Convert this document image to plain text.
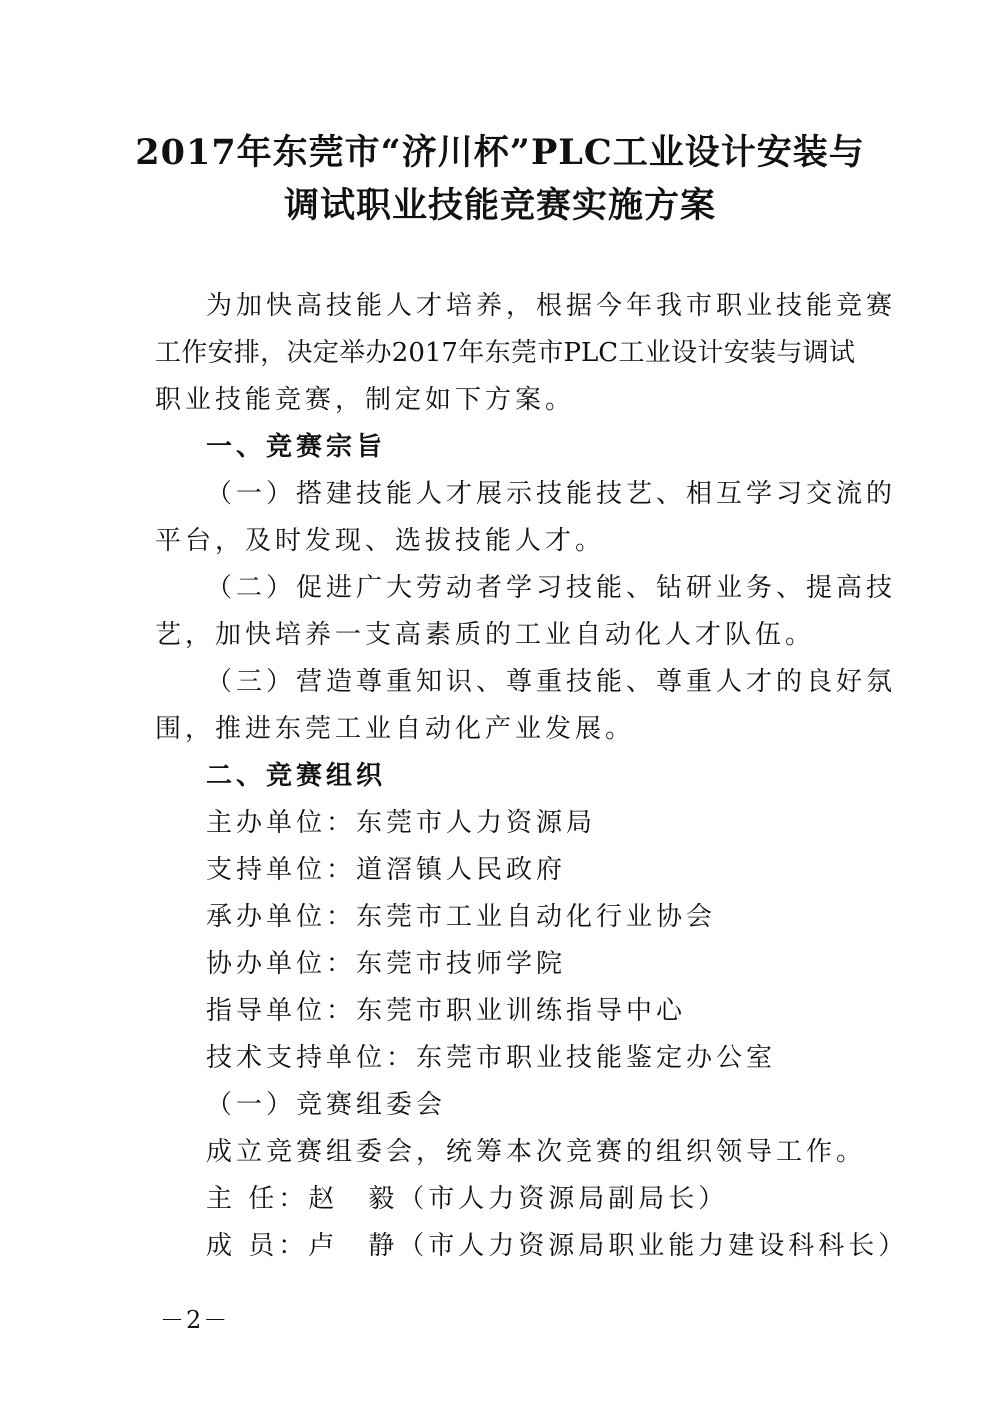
2017年东莞市“济川杯”PLC工业设计安装与
调试职业技能竞赛实施方案
为加快高技能人才培养，根据今年我市职业技能竞赛
工作安排，决定举办2017年东莞市PLC工业设计安装与调试
职业技能竞赛，制定如下方案。
一、竞赛宗旨
（一）搭建技能人才展示技能技艺、相互学习交流的
平台，及时发现、选拔技能人才。
（二）促进广大劳动者学习技能、钻研业务、提高技
艺，加快培养一支高素质的工业自动化人才队伍。
（三）营造尊重知识、尊重技能、尊重人才的良好氛
围，推进东莞工业自动化产业发展。
二、竞赛组织
主办单位：东莞市人力资源局
支持单位：道滘镇人民政府
承办单位：东莞市工业自动化行业协会
协办单位：东莞市技师学院
指导单位：东莞市职业训练指导中心
技术支持单位：东莞市职业技能鉴定办公室
（一）竞赛组委会
成立竞赛组委会，统筹本次竞赛的组织领导工作。
主 任：赵　毅（市人力资源局副局长）
成 员：卢　静（市人力资源局职业能力建设科科长）
－2－
